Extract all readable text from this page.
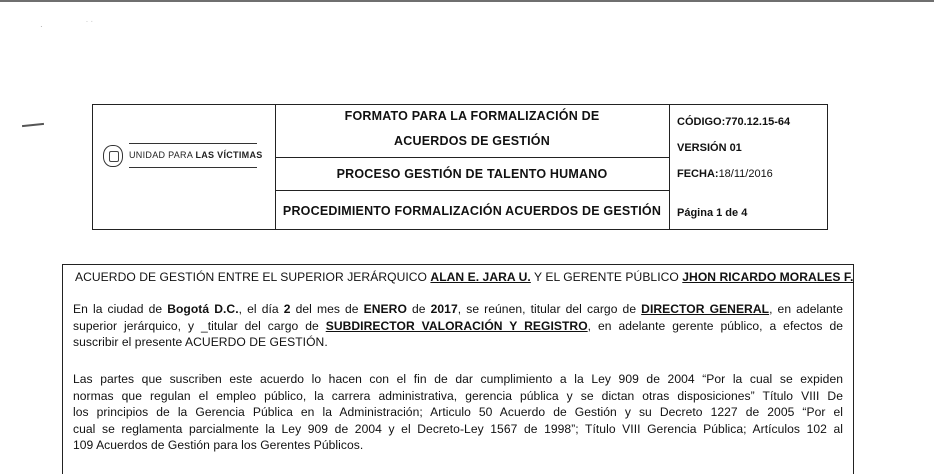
·	˙ ˙
UNIDAD PARA LAS VÍCTIMAS
FORMATO PARA LA FORMALIZACIÓN DE
ACUERDOS DE GESTIÓN
PROCESO GESTIÓN DE TALENTO HUMANO
PROCEDIMIENTO FORMALIZACIÓN ACUERDOS DE GESTIÓN
CÓDIGO:770.12.15-64
VERSIÓN 01
FECHA:18/11/2016
Página 1 de 4
ACUERDO DE GESTIÓN ENTRE EL SUPERIOR JERÁRQUICO ALAN E. JARA U. Y EL GERENTE PÚBLICO JHON RICARDO MORALES F.
En la ciudad de Bogotá D.C., el día 2 del mes de ENERO de 2017, se reúnen, titular del cargo de DIRECTOR GENERAL, en adelante
superior jerárquico, y _titular del cargo de SUBDIRECTOR VALORACIÓN Y REGISTRO, en adelante gerente público, a efectos de
suscribir el presente ACUERDO DE GESTIÓN.
Las partes que suscriben este acuerdo lo hacen con el fin de dar cumplimiento a la Ley 909 de 2004 “Por la cual se expiden
normas que regulan el empleo público, la carrera administrativa, gerencia pública y se dictan otras disposiciones” Título VIII De
los principios de la Gerencia Pública en la Administración; Articulo 50 Acuerdo de Gestión y su Decreto 1227 de 2005 “Por el
cual se reglamenta parcialmente la Ley 909 de 2004 y el Decreto-Ley 1567 de 1998”; Título VIII Gerencia Pública; Artículos 102 al
109 Acuerdos de Gestión para los Gerentes Públicos.
